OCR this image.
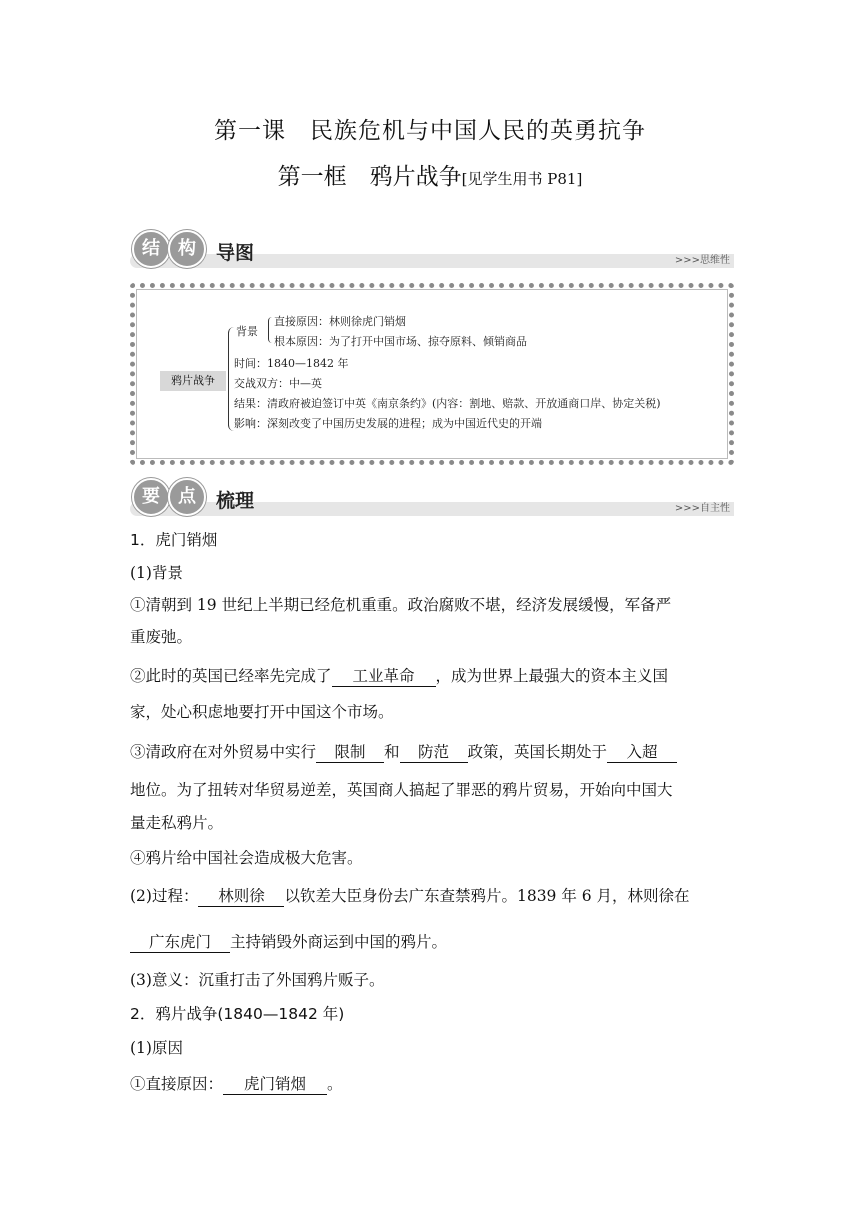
第一课　民族危机与中国人民的英勇抗争
第一框　鸦片战争[见学生用书 P81]
结	构	导图	>>>思维性
鸦片战争
背景
直接原因：林则徐虎门销烟
根本原因：为了打开中国市场、掠夺原料、倾销商品
时间：1840—1842 年
交战双方：中—英
结果：清政府被迫签订中英《南京条约》(内容：割地、赔款、开放通商口岸、协定关税)
影响：深刻改变了中国历史发展的进程；成为中国近代史的开端
要	点	梳理	>>>自主性
1．虎门销烟
(1)背景
①清朝到 19 世纪上半期已经危机重重。政治腐败不堪，经济发展缓慢，军备严
重废弛。
②此时的英国已经率先完成了 工业革命 ，成为世界上最强大的资本主义国
家，处心积虑地要打开中国这个市场。
③清政府在对外贸易中实行 限制 和 防范 政策，英国长期处于 入超
地位。为了扭转对华贸易逆差，英国商人搞起了罪恶的鸦片贸易，开始向中国大
量走私鸦片。
④鸦片给中国社会造成极大危害。
(2)过程： 林则徐 以钦差大臣身份去广东查禁鸦片。1839 年 6 月，林则徐在
广东虎门 主持销毁外商运到中国的鸦片。
(3)意义：沉重打击了外国鸦片贩子。
2．鸦片战争(1840—1842 年)
(1)原因
①直接原因： 虎门销烟 。
